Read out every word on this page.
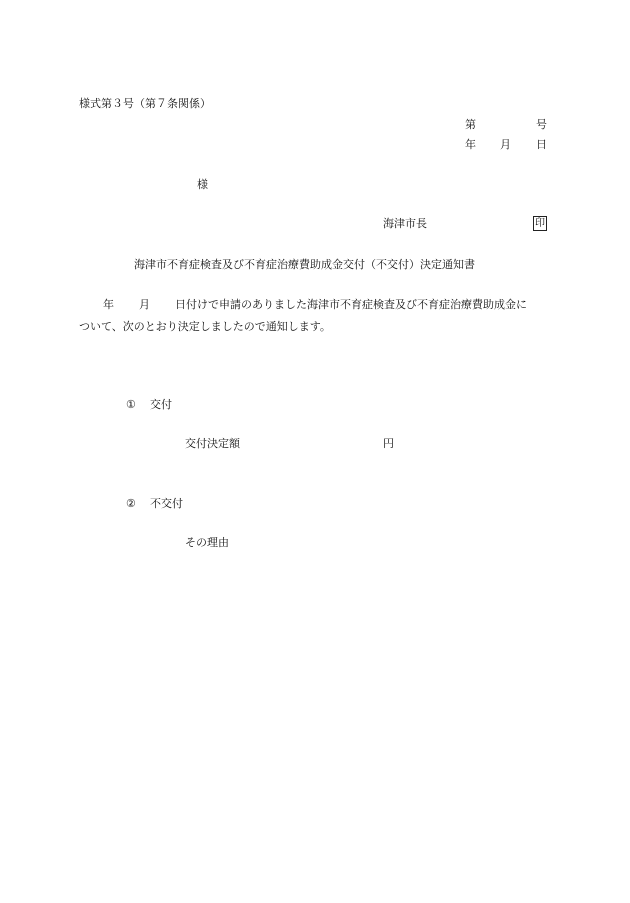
様式第３号（第７条関係）
第	号
年 月 日
様
海津市長	印
海津市不育症検査及び不育症治療費助成金交付（不交付）決定通知書
年 月 日付けで申請のありました海津市不育症検査及び不育症治療費助成金に
ついて、次のとおり決定しましたので通知します。
① 交付
交付決定額	円
② 不交付
その理由
